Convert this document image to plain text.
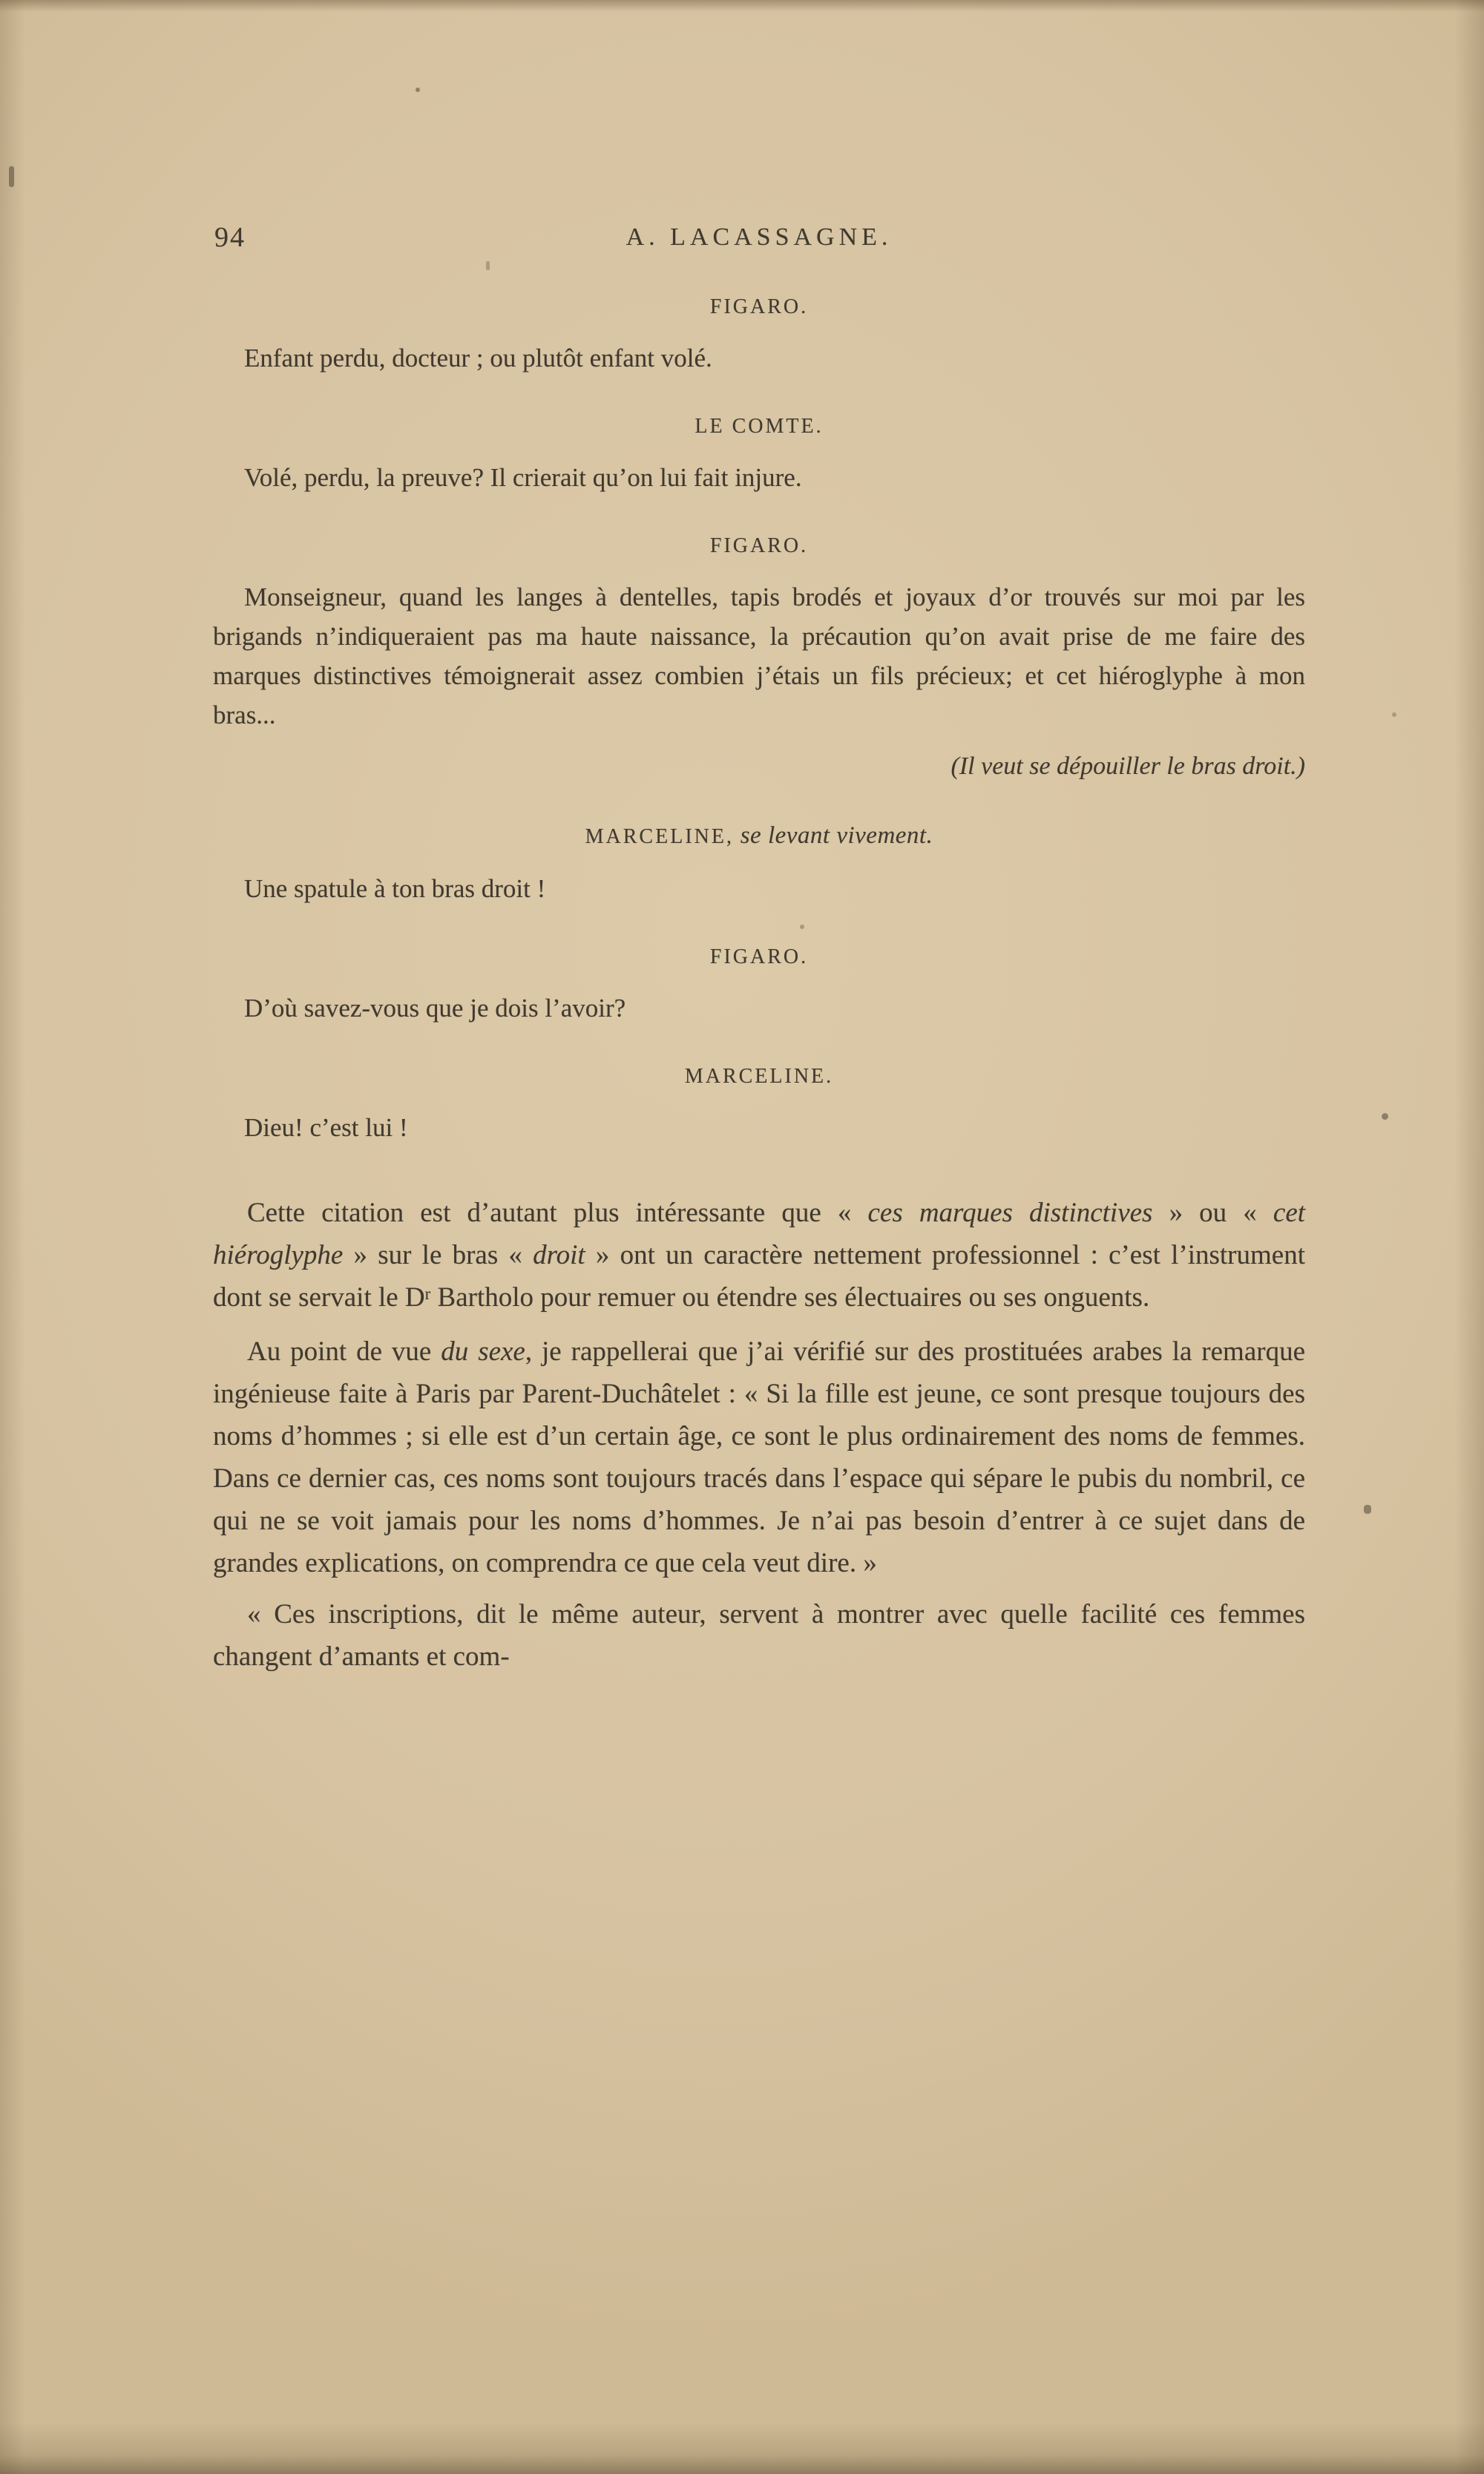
94	A. LACASSAGNE.
FIGARO.

Enfant perdu, docteur ; ou plutôt enfant volé.

LE COMTE.

Volé, perdu, la preuve? Il crierait qu’on lui fait injure.

FIGARO.

Monseigneur, quand les langes à dentelles, tapis brodés et joyaux d’or trouvés sur moi par les brigands n’indiqueraient pas ma haute naissance, la précaution qu’on avait prise de me faire des marques distinctives témoignerait assez combien j’étais un fils précieux; et cet hiéroglyphe à mon bras...

(Il veut se dépouiller le bras droit.)

MARCELINE, se levant vivement.

Une spatule à ton bras droit !

FIGARO.

D’où savez-vous que je dois l’avoir?

MARCELINE.

Dieu! c’est lui !

Cette citation est d’autant plus intéressante que « ces marques distinctives » ou « cet hiéroglyphe » sur le bras « droit » ont un caractère nettement professionnel : c’est l’instrument dont se servait le $D^r$ Bartholo pour remuer ou étendre ses électuaires ou ses onguents.

Au point de vue du sexe, je rappellerai que j’ai vérifié sur des prostituées arabes la remarque ingénieuse faite à Paris par Parent-Duchâtelet : « Si la fille est jeune, ce sont presque toujours des noms d’hommes ; si elle est d’un certain âge, ce sont le plus ordinairement des noms de femmes. Dans ce dernier cas, ces noms sont toujours tracés dans l’espace qui sépare le pubis du nombril, ce qui ne se voit jamais pour les noms d’hommes. Je n’ai pas besoin d’entrer à ce sujet dans de grandes explications, on comprendra ce que cela veut dire. »

« Ces inscriptions, dit le même auteur, servent à montrer avec quelle facilité ces femmes changent d’amants et com-
